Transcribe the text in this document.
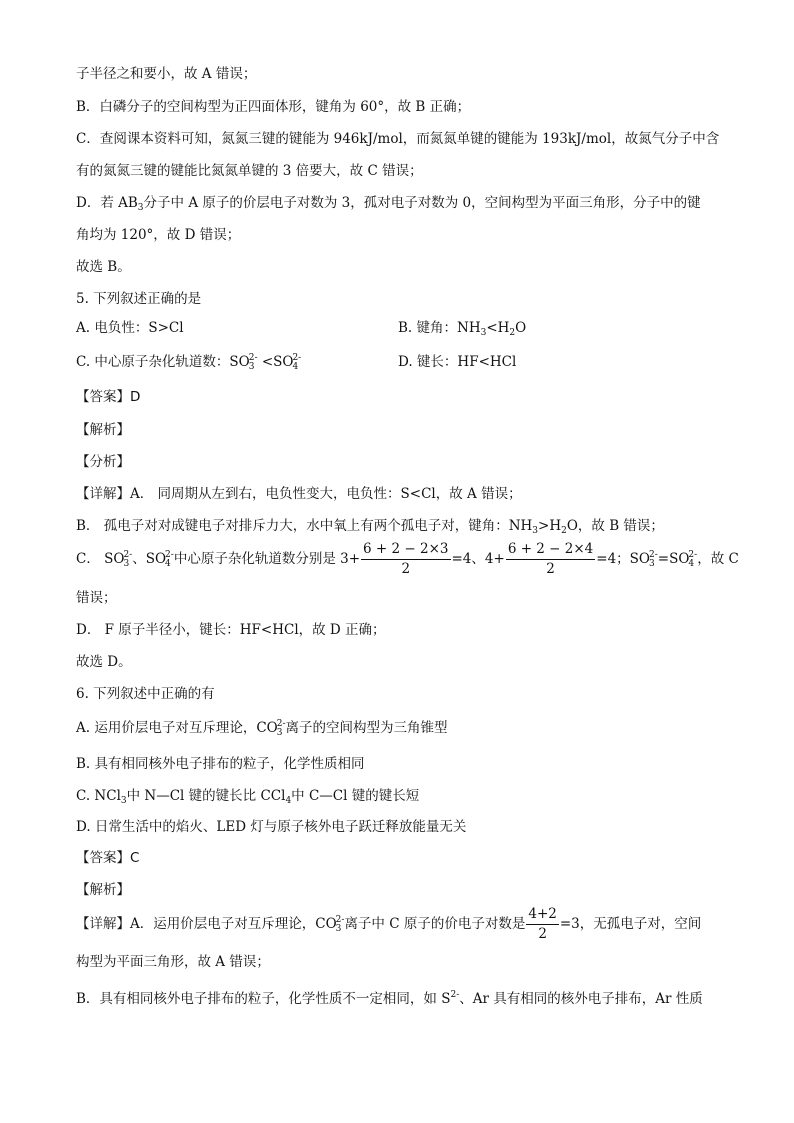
子半径之和要小，故 A 错误；
B．白磷分子的空间构型为正四面体形，键角为 60°，故 B 正确；
C．查阅课本资料可知，氮氮三键的键能为 946kJ/mol，而氮氮单键的键能为 193kJ/mol，故氮气分子中含
有的氮氮三键的键能比氮氮单键的 3 倍要大，故 C 错误；
D．若 $AB_3$分子中 A 原子的价层电子对数为 3，孤对电子对数为 0，空间构型为平面三角形，分子中的键
角均为 120°，故 D 错误；
故选 B。
5. 下列叙述正确的是
A. 电负性：S>Cl	B. 键角：$NH_3<H_2O$
C. 中心原子杂化轨道数：SO 2-
3 <SO 2-
4	D. 键长：HF<HCl
【答案】D
【解析】
【分析】
【详解】A． 同周期从左到右，电负性变大，电负性：S<Cl，故 A 错误；
B． 孤电子对对成键电子对排斥力大，水中氧上有两个孤电子对，键角：$NH_3>H_2O$，故 B 错误；
C． SO 2-
3 、SO 2-
4 中心原子杂化轨道数分别是 $3+ \frac{6 + 2 - 2\times 3}{2} =4$、$4+ \frac{6 + 2 - 2\times 4}{2} =4$；SO 2-
3 =SO 2-
4 ，故 C
错误；
D． F 原子半径小，键长：HF<HCl，故 D 正确；
故选 D。
6. 下列叙述中正确的有
A. 运用价层电子对互斥理论，CO 2-
3 离子的空间构型为三角锥型
B. 具有相同核外电子排布的粒子，化学性质相同
C. NCl$_3$中 N—Cl 键的键长比 CCl$_4$中 C—Cl 键的键长短
D. 日常生活中的焰火、LED 灯与原子核外电子跃迁释放能量无关
【答案】C
【解析】
【详解】A．运用价层电子对互斥理论，CO 2-
3 离子中 C 原子的价电子对数是 $\frac{4+2}{2} =3$，无孤电子对，空间
构型为平面三角形，故 A 错误；
B．具有相同核外电子排布的粒子，化学性质不一定相同，如 $S^{2-}$、Ar 具有相同的核外电子排布，Ar 性质
